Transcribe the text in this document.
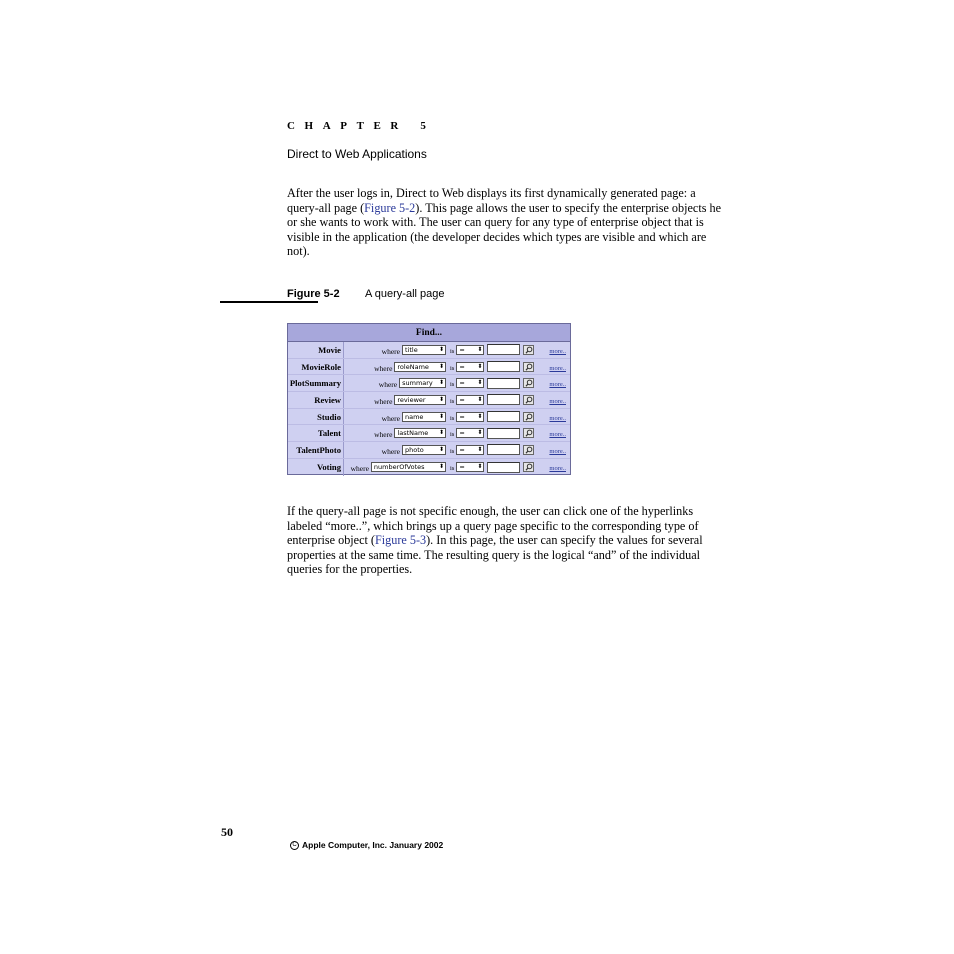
CHAPTER 5
Direct to Web Applications

After the user logs in, Direct to Web displays its first dynamically generated page: a query-all page (Figure 5-2). This page allows the user to specify the enterprise objects he or she wants to work with. The user can query for any type of enterprise object that is visible in the application (the developer decides which types are visible and which are not).

Figure 5-2 A query-all page
Find...
Movie	where title	⬍ is = ⬍	more..
MovieRole	where roleName ⬍ is = ⬍	more..
PlotSummary	where summary ⬍ is = ⬍	more..
Review	where reviewer ⬍ is = ⬍	more..
Studio	where name	⬍ is = ⬍	more..
Talent	where lastName ⬍ is = ⬍	more..
TalentPhoto	where photo	⬍ is = ⬍	more..
Voting	where numberOfVotes ⬍ is = ⬍	more..

If the query-all page is not specific enough, the user can click one of the hyperlinks labeled “more..”, which brings up a query page specific to the corresponding type of enterprise object (Figure 5-3). In this page, the user can specify the values for several properties at the same time. The resulting query is the logical “and” of the individual queries for the properties.

50
C Apple Computer, Inc. January 2002
